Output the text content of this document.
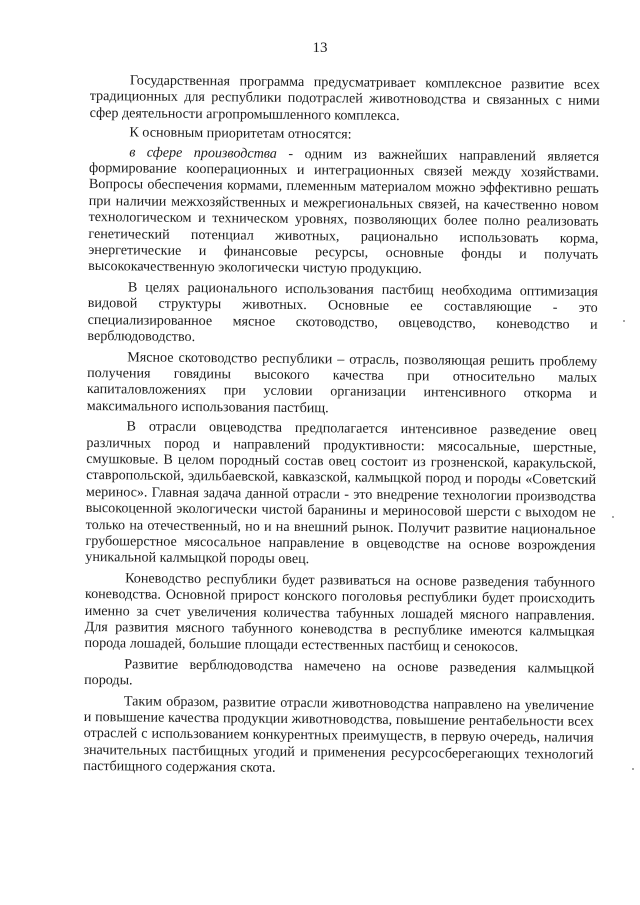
13

Государственная программа предусматривает комплексное развитие всех традиционных для республики подотраслей животноводства и связанных с ними сфер деятельности агропромышленного комплекса.

К основным приоритетам относятся:

в сфере производства - одним из важнейших направлений является формирование кооперационных и интеграционных связей между хозяйствами. Вопросы обеспечения кормами, племенным материалом можно эффективно решать при наличии межхозяйственных и межрегиональных связей, на качественно новом технологическом и техническом уровнях, позволяющих более полно реализовать генетический потенциал животных, рационально использовать корма, энергетические и финансовые ресурсы, основные фонды и получать высококачественную экологически чистую продукцию.

В целях рационального использования пастбищ необходима оптимизация видовой структуры животных. Основные ее составляющие - это специализированное мясное скотоводство, овцеводство, коневодство и верблюдоводство.

Мясное скотоводство республики – отрасль, позволяющая решить проблему получения говядины высокого качества при относительно малых капиталовложениях при условии организации интенсивного откорма и максимального использования пастбищ.

В отрасли овцеводства предполагается интенсивное разведение овец различных пород и направлений продуктивности: мясосальные, шерстные, смушковые. В целом породный состав овец состоит из грозненской, каракульской, ставропольской, эдильбаевской, кавказской, калмыцкой пород и породы «Советский меринос». Главная задача данной отрасли - это внедрение технологии производства высокоценной экологически чистой баранины и мериносовой шерсти с выходом не только на отечественный, но и на внешний рынок. Получит развитие национальное грубошерстное мясосальное направление в овцеводстве на основе возрождения уникальной калмыцкой породы овец.

Коневодство республики будет развиваться на основе разведения табунного коневодства. Основной прирост конского поголовья республики будет происходить именно за счет увеличения количества табунных лошадей мясного направления. Для развития мясного табунного коневодства в республике имеются калмыцкая порода лошадей, большие площади естественных пастбищ и сенокосов.

Развитие верблюдоводства намечено на основе разведения калмыцкой породы.

Таким образом, развитие отрасли животноводства направлено на увеличение и повышение качества продукции животноводства, повышение рентабельности всех отраслей с использованием конкурентных преимуществ, в первую очередь, наличия значительных пастбищных угодий и применения ресурсосберегающих технологий пастбищного содержания скота.
